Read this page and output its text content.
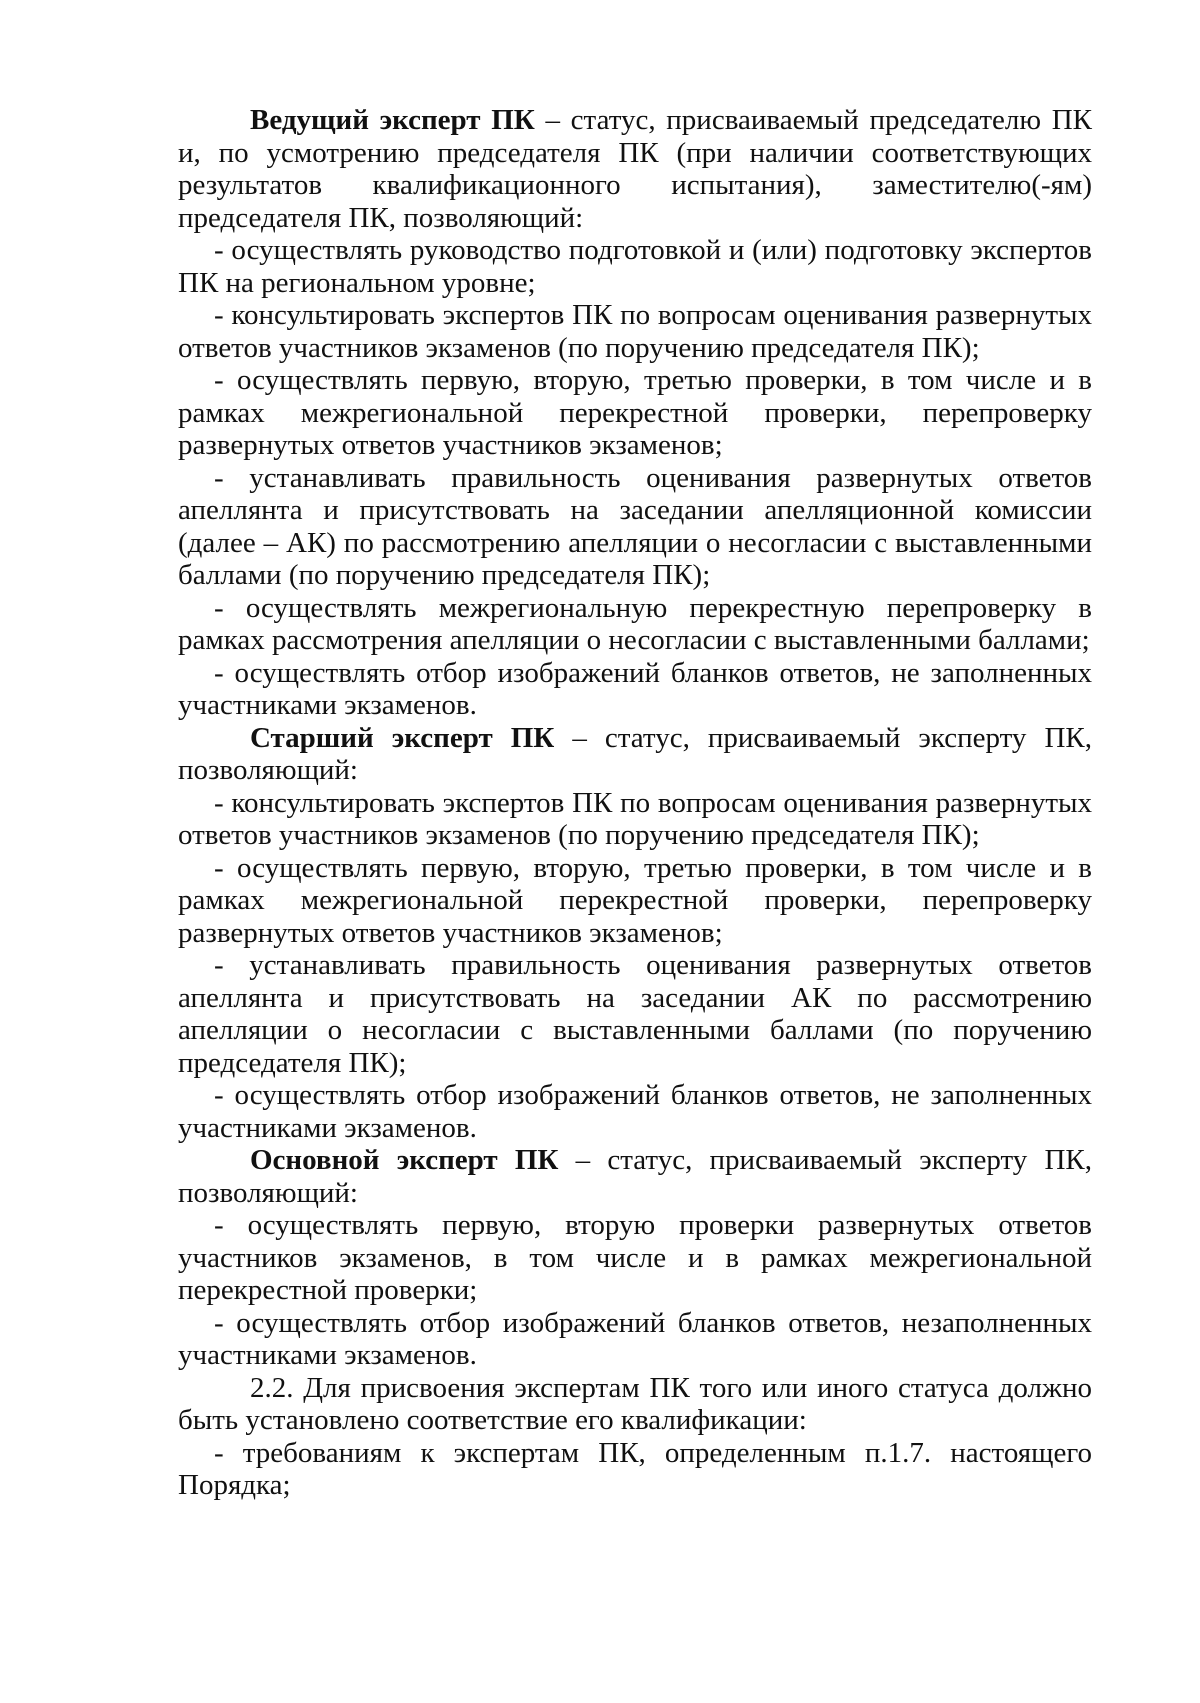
Ведущий эксперт ПК – статус, присваиваемый председателю ПК и, по усмотрению председателя ПК (при наличии соответствующих результатов квалификационного испытания), заместителю(-ям) председателя ПК, позволяющий:

- осуществлять руководство подготовкой и (или) подготовку экспертов ПК на региональном уровне;

- консультировать экспертов ПК по вопросам оценивания развернутых ответов участников экзаменов (по поручению председателя ПК);

- осуществлять первую, вторую, третью проверки, в том числе и в рамках межрегиональной перекрестной проверки, перепроверку развернутых ответов участников экзаменов;

- устанавливать правильность оценивания развернутых ответов апеллянта и присутствовать на заседании апелляционной комиссии (далее – АК) по рассмотрению апелляции о несогласии с выставленными баллами (по поручению председателя ПК);

- осуществлять межрегиональную перекрестную перепроверку в рамках рассмотрения апелляции о несогласии с выставленными баллами;

- осуществлять отбор изображений бланков ответов, не заполненных участниками экзаменов.

Старший эксперт ПК – статус, присваиваемый эксперту ПК, позволяющий:

- консультировать экспертов ПК по вопросам оценивания развернутых ответов участников экзаменов (по поручению председателя ПК);

- осуществлять первую, вторую, третью проверки, в том числе и в рамках межрегиональной перекрестной проверки, перепроверку развернутых ответов участников экзаменов;

- устанавливать правильность оценивания развернутых ответов апеллянта и присутствовать на заседании АК по рассмотрению апелляции о несогласии с выставленными баллами (по поручению председателя ПК);

- осуществлять отбор изображений бланков ответов, не заполненных участниками экзаменов.

Основной эксперт ПК – статус, присваиваемый эксперту ПК, позволяющий:

- осуществлять первую, вторую проверки развернутых ответов участников экзаменов, в том числе и в рамках межрегиональной перекрестной проверки;

- осуществлять отбор изображений бланков ответов, незаполненных участниками экзаменов.

2.2. Для присвоения экспертам ПК того или иного статуса должно быть установлено соответствие его квалификации:

- требованиям к экспертам ПК, определенным п.1.7. настоящего Порядка;
